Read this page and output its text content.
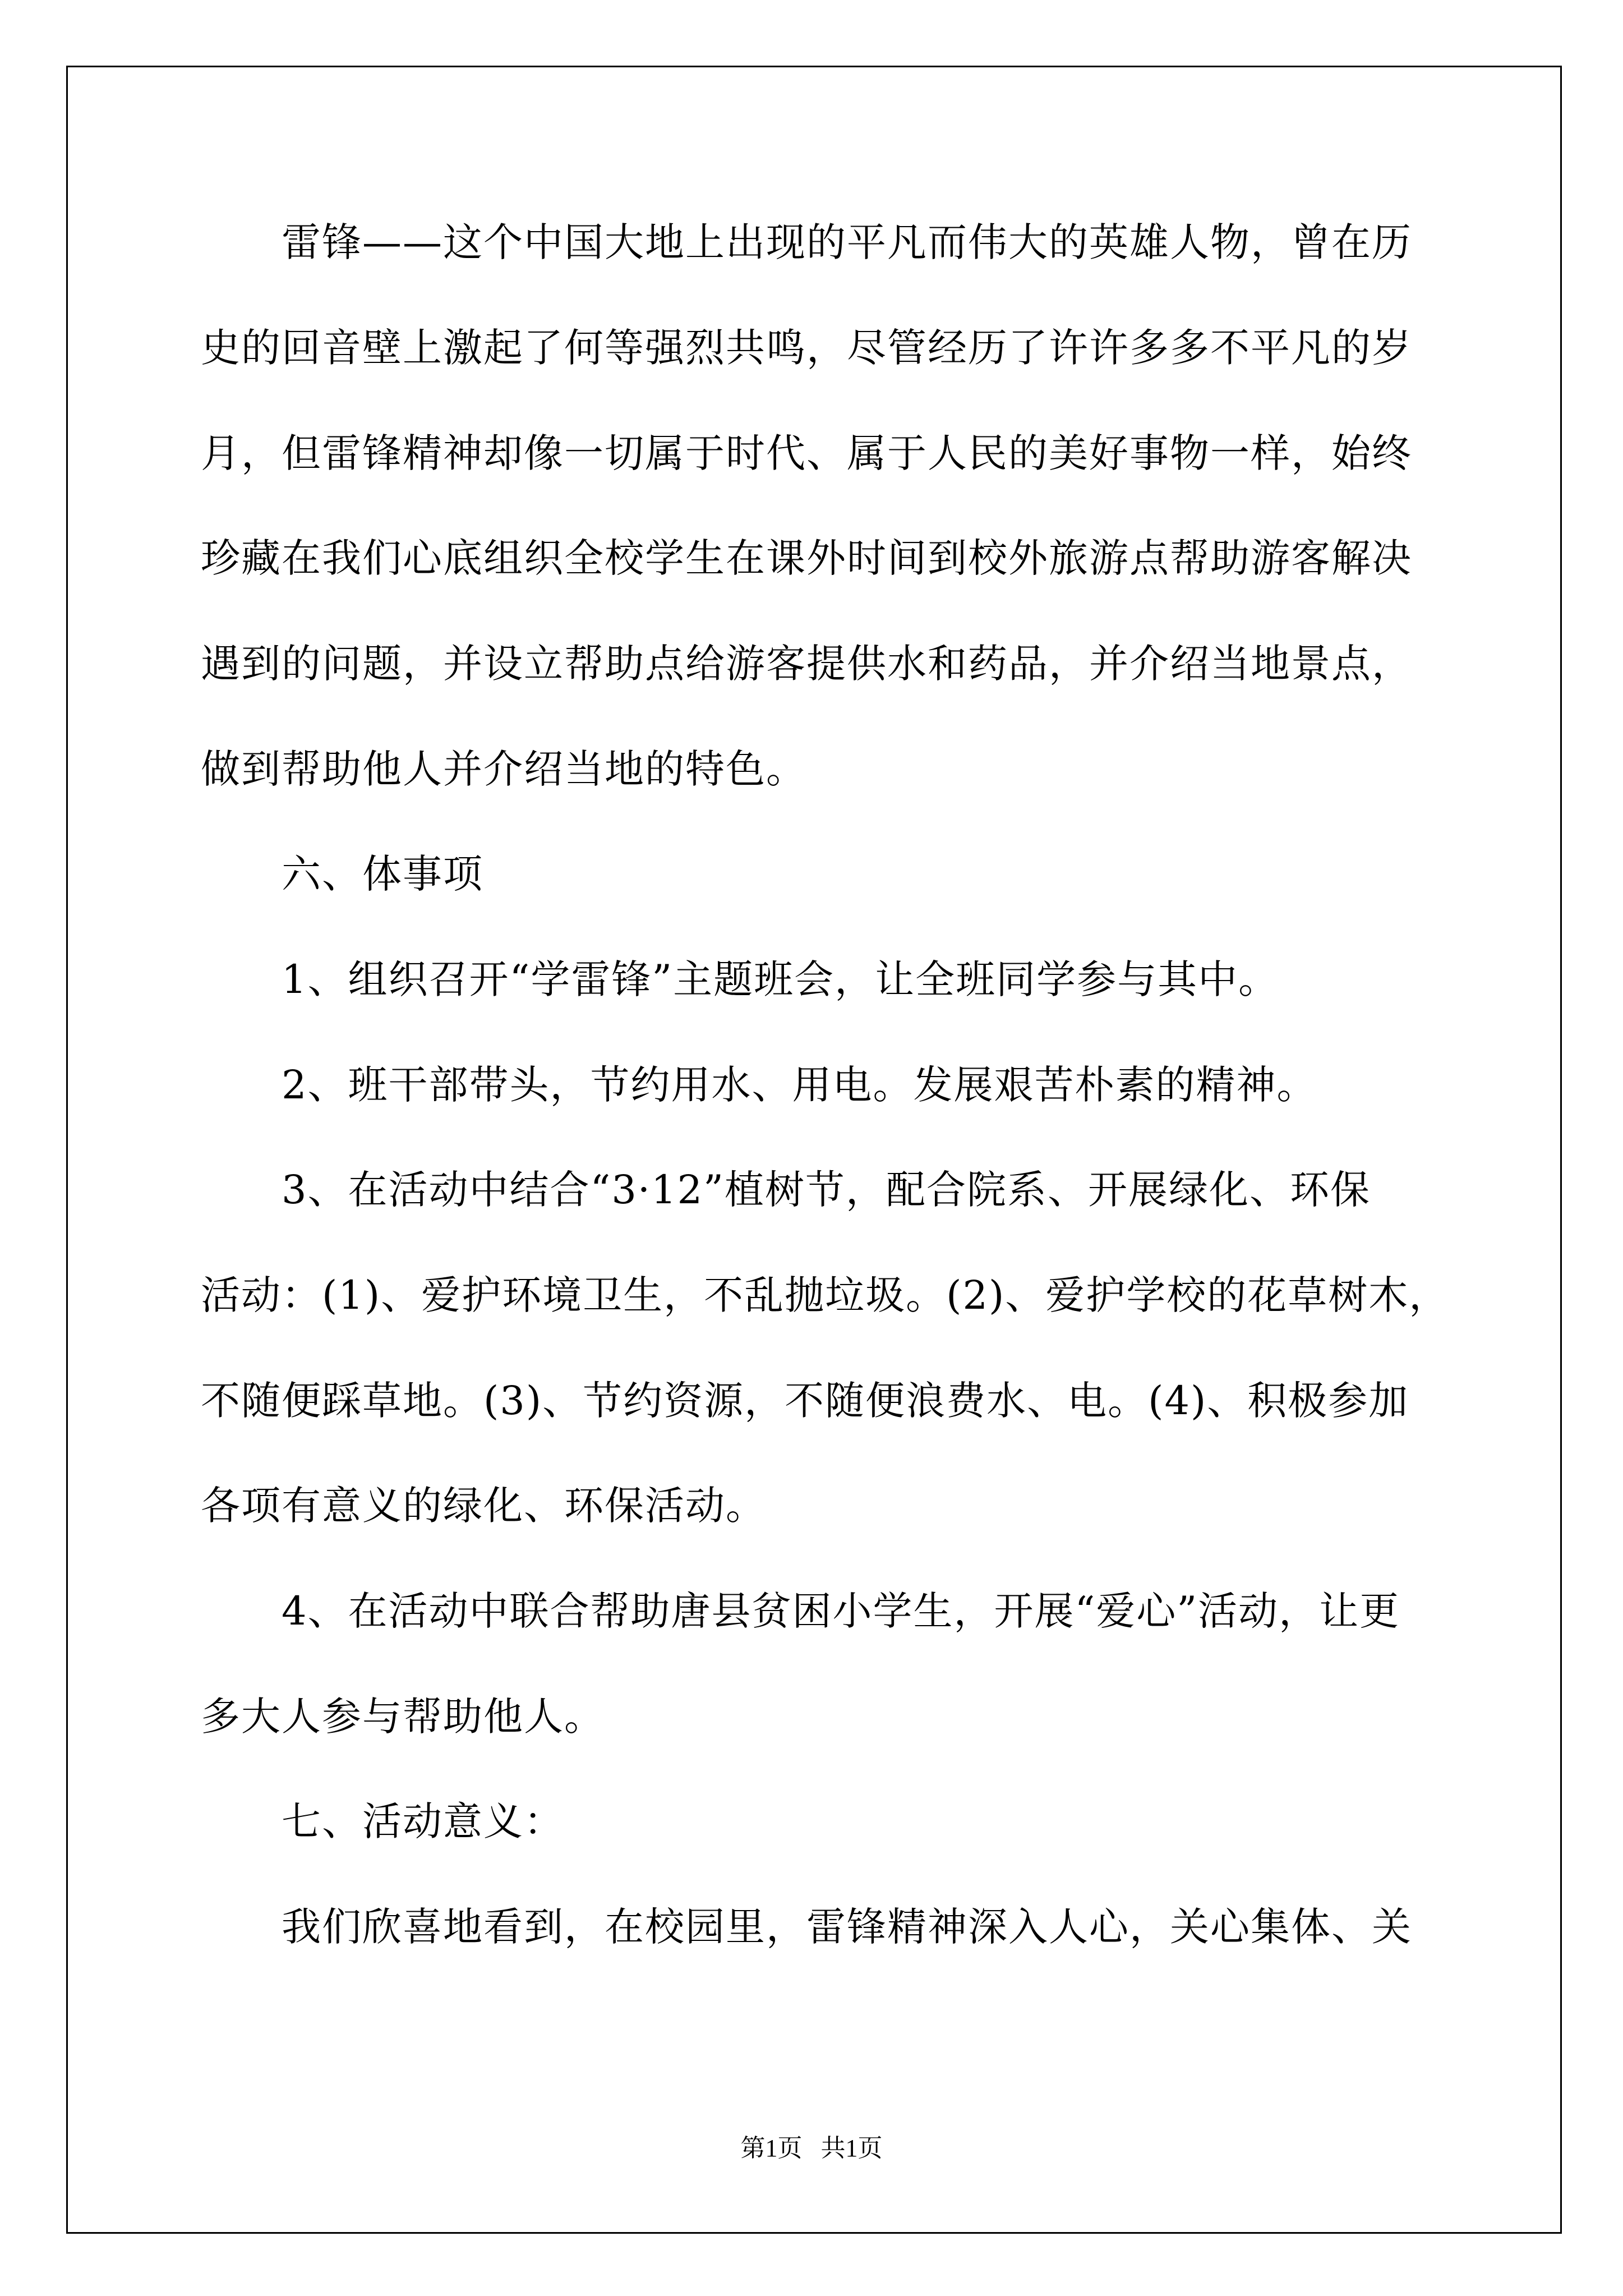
　　雷锋——这个中国大地上出现的平凡而伟大的英雄人物，曾在历
史的回音壁上激起了何等强烈共鸣，尽管经历了许许多多不平凡的岁
月，但雷锋精神却像一切属于时代、属于人民的美好事物一样，始终
珍藏在我们心底组织全校学生在课外时间到校外旅游点帮助游客解决
遇到的问题，并设立帮助点给游客提供水和药品，并介绍当地景点，
做到帮助他人并介绍当地的特色。
　　六、体事项
　　1、组织召开“学雷锋”主题班会，让全班同学参与其中。
　　2、班干部带头，节约用水、用电。发展艰苦朴素的精神。
　　3、在活动中结合“3·12”植树节，配合院系、开展绿化、环保
活动：(1)、爱护环境卫生，不乱抛垃圾。(2)、爱护学校的花草树木，
不随便踩草地。(3)、节约资源，不随便浪费水、电。(4)、积极参加
各项有意义的绿化、环保活动。
　　4、在活动中联合帮助唐县贫困小学生，开展“爱心”活动，让更
多大人参与帮助他人。
　　七、活动意义：
　　我们欣喜地看到，在校园里，雷锋精神深入人心，关心集体、关
第1页   共1页
